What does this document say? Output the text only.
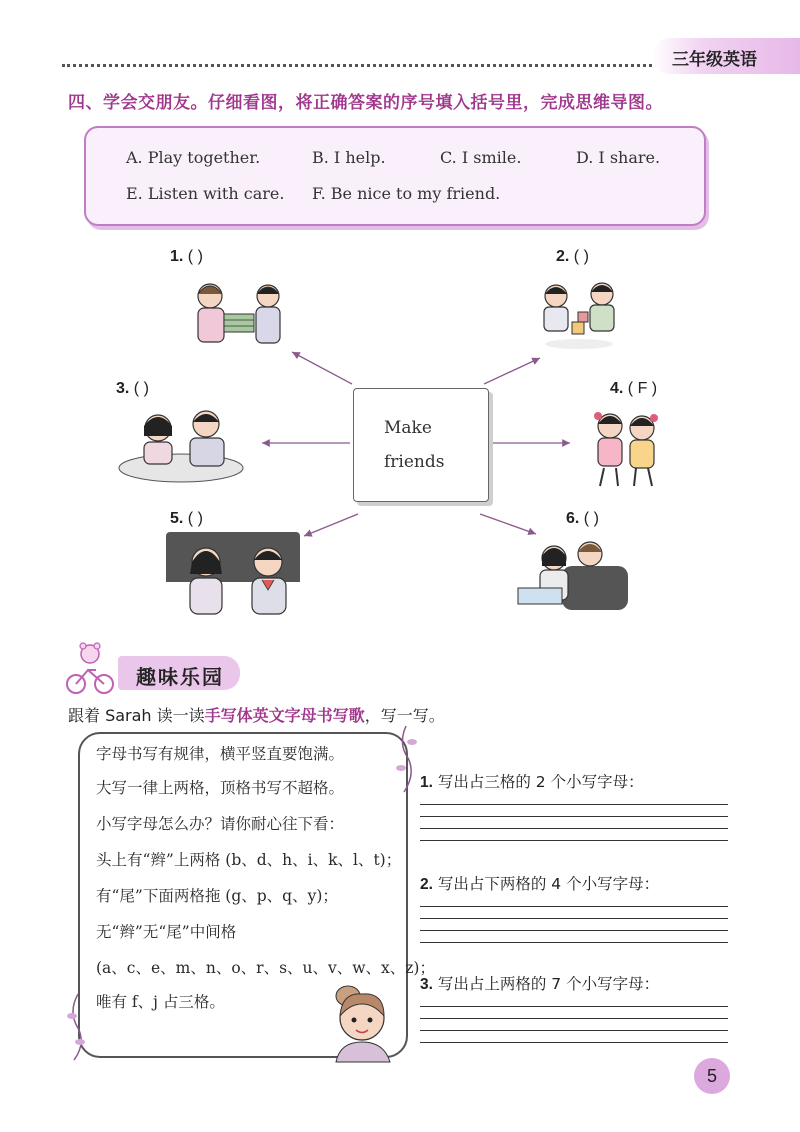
三年级英语
四、学会交朋友。仔细看图，将正确答案的序号填入括号里，完成思维导图。
A. Play together.	B. I help.	C. I smile.	D. I share.
E. Listen with care. F. Be nice to my friend.
Make
friends
1. ( )	2. ( )
3. ( )	4. ( F )
5. ( )	6. ( )
趣味乐园
跟着 Sarah 读一读手写体英文字母书写歌，写一写。
字母书写有规律，横平竖直要饱满。
大写一律上两格，顶格书写不超格。
小写字母怎么办？请你耐心往下看：
头上有“辫”上两格 (b、d、h、i、k、l、t)；
有“尾”下面两格拖 (g、p、q、y)；
无“辫”无“尾”中间格
(a、c、e、m、n、o、r、s、u、v、w、x、z)；
唯有 f、j 占三格。
1. 写出占三格的 2 个小写字母：
2. 写出占下两格的 4 个小写字母：
3. 写出占上两格的 7 个小写字母：
5
